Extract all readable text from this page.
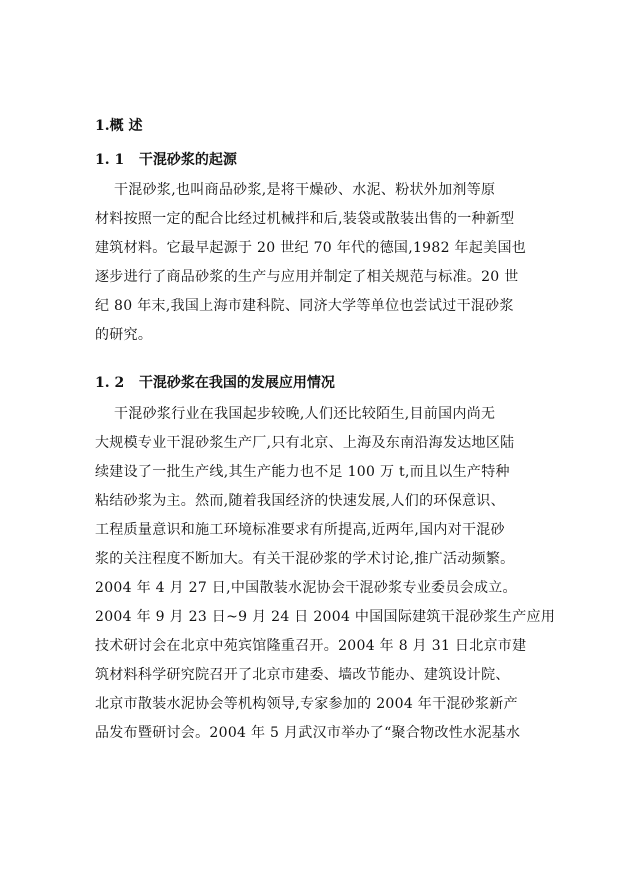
1.概 述
1. 1   干混砂浆的起源
干混砂浆,也叫商品砂浆,是将干燥砂、水泥、粉状外加剂等原
材料按照一定的配合比经过机械拌和后,装袋或散装出售的一种新型
建筑材料。它最早起源于 20 世纪 70 年代的德国,1982 年起美国也
逐步进行了商品砂浆的生产与应用并制定了相关规范与标准。20 世
纪 80 年末,我国上海市建科院、同济大学等单位也尝试过干混砂浆
的研究。
1. 2   干混砂浆在我国的发展应用情况
干混砂浆行业在我国起步较晚,人们还比较陌生,目前国内尚无
大规模专业干混砂浆生产厂,只有北京、上海及东南沿海发达地区陆
续建设了一批生产线,其生产能力也不足 100 万 t,而且以生产特种
粘结砂浆为主。然而,随着我国经济的快速发展,人们的环保意识、
工程质量意识和施工环境标准要求有所提高,近两年,国内对干混砂
浆的关注程度不断加大。有关干混砂浆的学术讨论,推广活动频繁。
2004 年 4 月 27 日,中国散装水泥协会干混砂浆专业委员会成立。
2004 年 9 月 23 日~9 月 24 日 2004 中国国际建筑干混砂浆生产应用
技术研讨会在北京中苑宾馆隆重召开。2004 年 8 月 31 日北京市建
筑材料科学研究院召开了北京市建委、墙改节能办、建筑设计院、
北京市散装水泥协会等机构领导,专家参加的 2004 年干混砂浆新产
品发布暨研讨会。2004 年 5 月武汉市举办了“聚合物改性水泥基水
